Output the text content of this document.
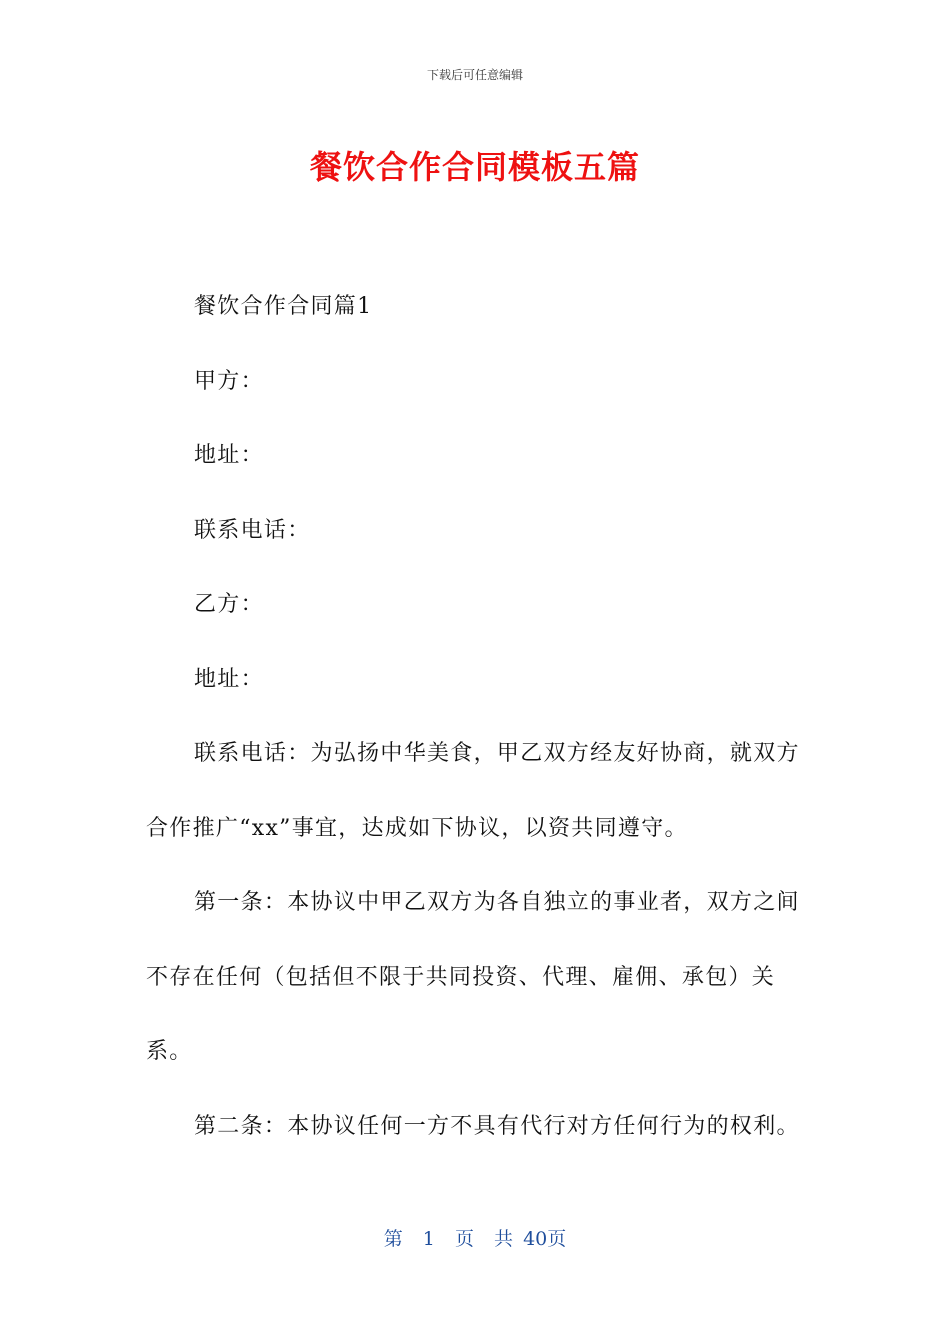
下载后可任意编辑
餐饮合作合同模板五篇

餐饮合作合同篇1

甲方：

地址：

联系电话：

乙方：

地址：

联系电话：为弘扬中华美食，甲乙双方经友好协商，就双方合作推广“xx”事宜，达成如下协议，以资共同遵守。

第一条：本协议中甲乙双方为各自独立的事业者，双方之间不存在任何（包括但不限于共同投资、代理、雇佣、承包）关系。

第二条：本协议任何一方不具有代行对方任何行为的权利。

第 1 页 共 40页
